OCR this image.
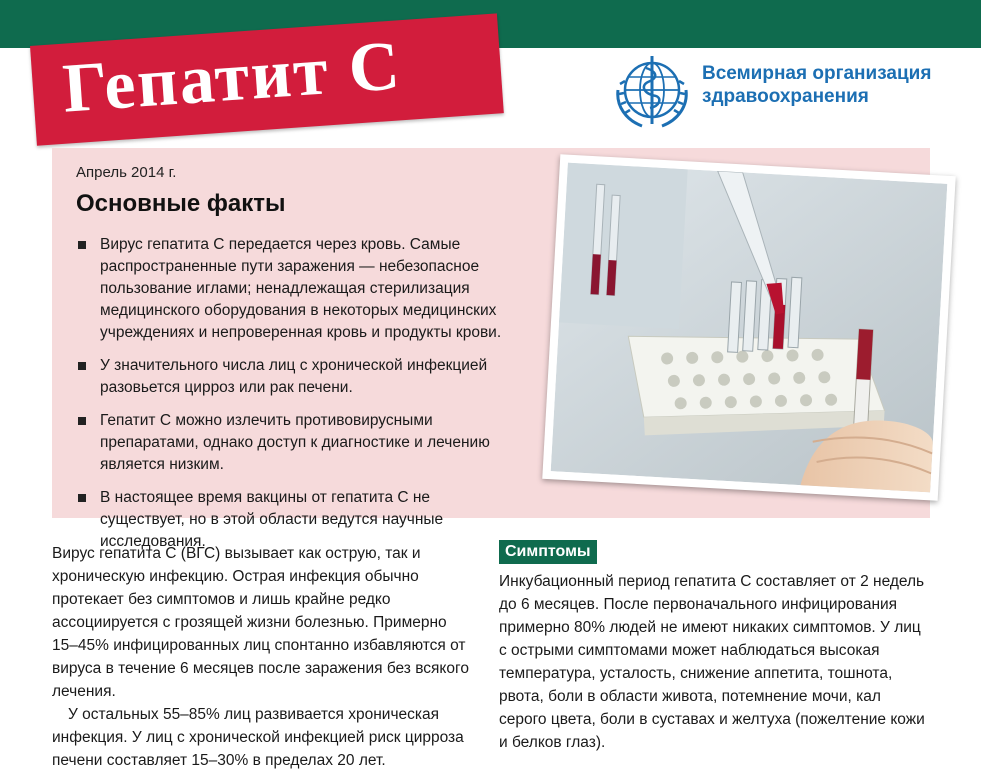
Гепатит С	Всемирная организация здравоохранения
Апрель 2014 г.
Основные факты
Вирус гепатита С передается через кровь. Самые распространенные пути заражения — небезопасное пользование иглами; ненадлежащая стерилизация медицинского оборудования в некоторых медицинских учреждениях и непроверенная кровь и продукты крови.
У значительного числа лиц с хронической инфекцией разовьется цирроз или рак печени.
Гепатит С можно излечить противовирусными препаратами, однако доступ к диагностике и лечению является низким.
В настоящее время вакцины от гепатита С не существует, но в этой области ведутся научные исследования.

Вирус гепатита С (ВГС) вызывает как острую, так и хроническую инфекцию. Острая инфекция обычно протекает без симптомов и лишь крайне редко ассоциируется с грозящей жизни болезнью. Примерно 15–45% инфицированных лиц спонтанно избавляются от вируса в течение 6 месяцев после заражения без всякого лечения.

У остальных 55–85% лиц развивается хроническая инфекция. У лиц с хронической инфекцией риск цирроза печени составляет 15–30% в пределах 20 лет.

Симптомы
Инкубационный период гепатита С составляет от 2 недель до 6 месяцев. После первоначального инфицирования примерно 80% людей не имеют никаких симптомов. У лиц с острыми симптомами может наблюдаться высокая температура, усталость, снижение аппетита, тошнота, рвота, боли в области живота, потемнение мочи, кал серого цвета, боли в суставах и желтуха (пожелтение кожи и белков глаз).
